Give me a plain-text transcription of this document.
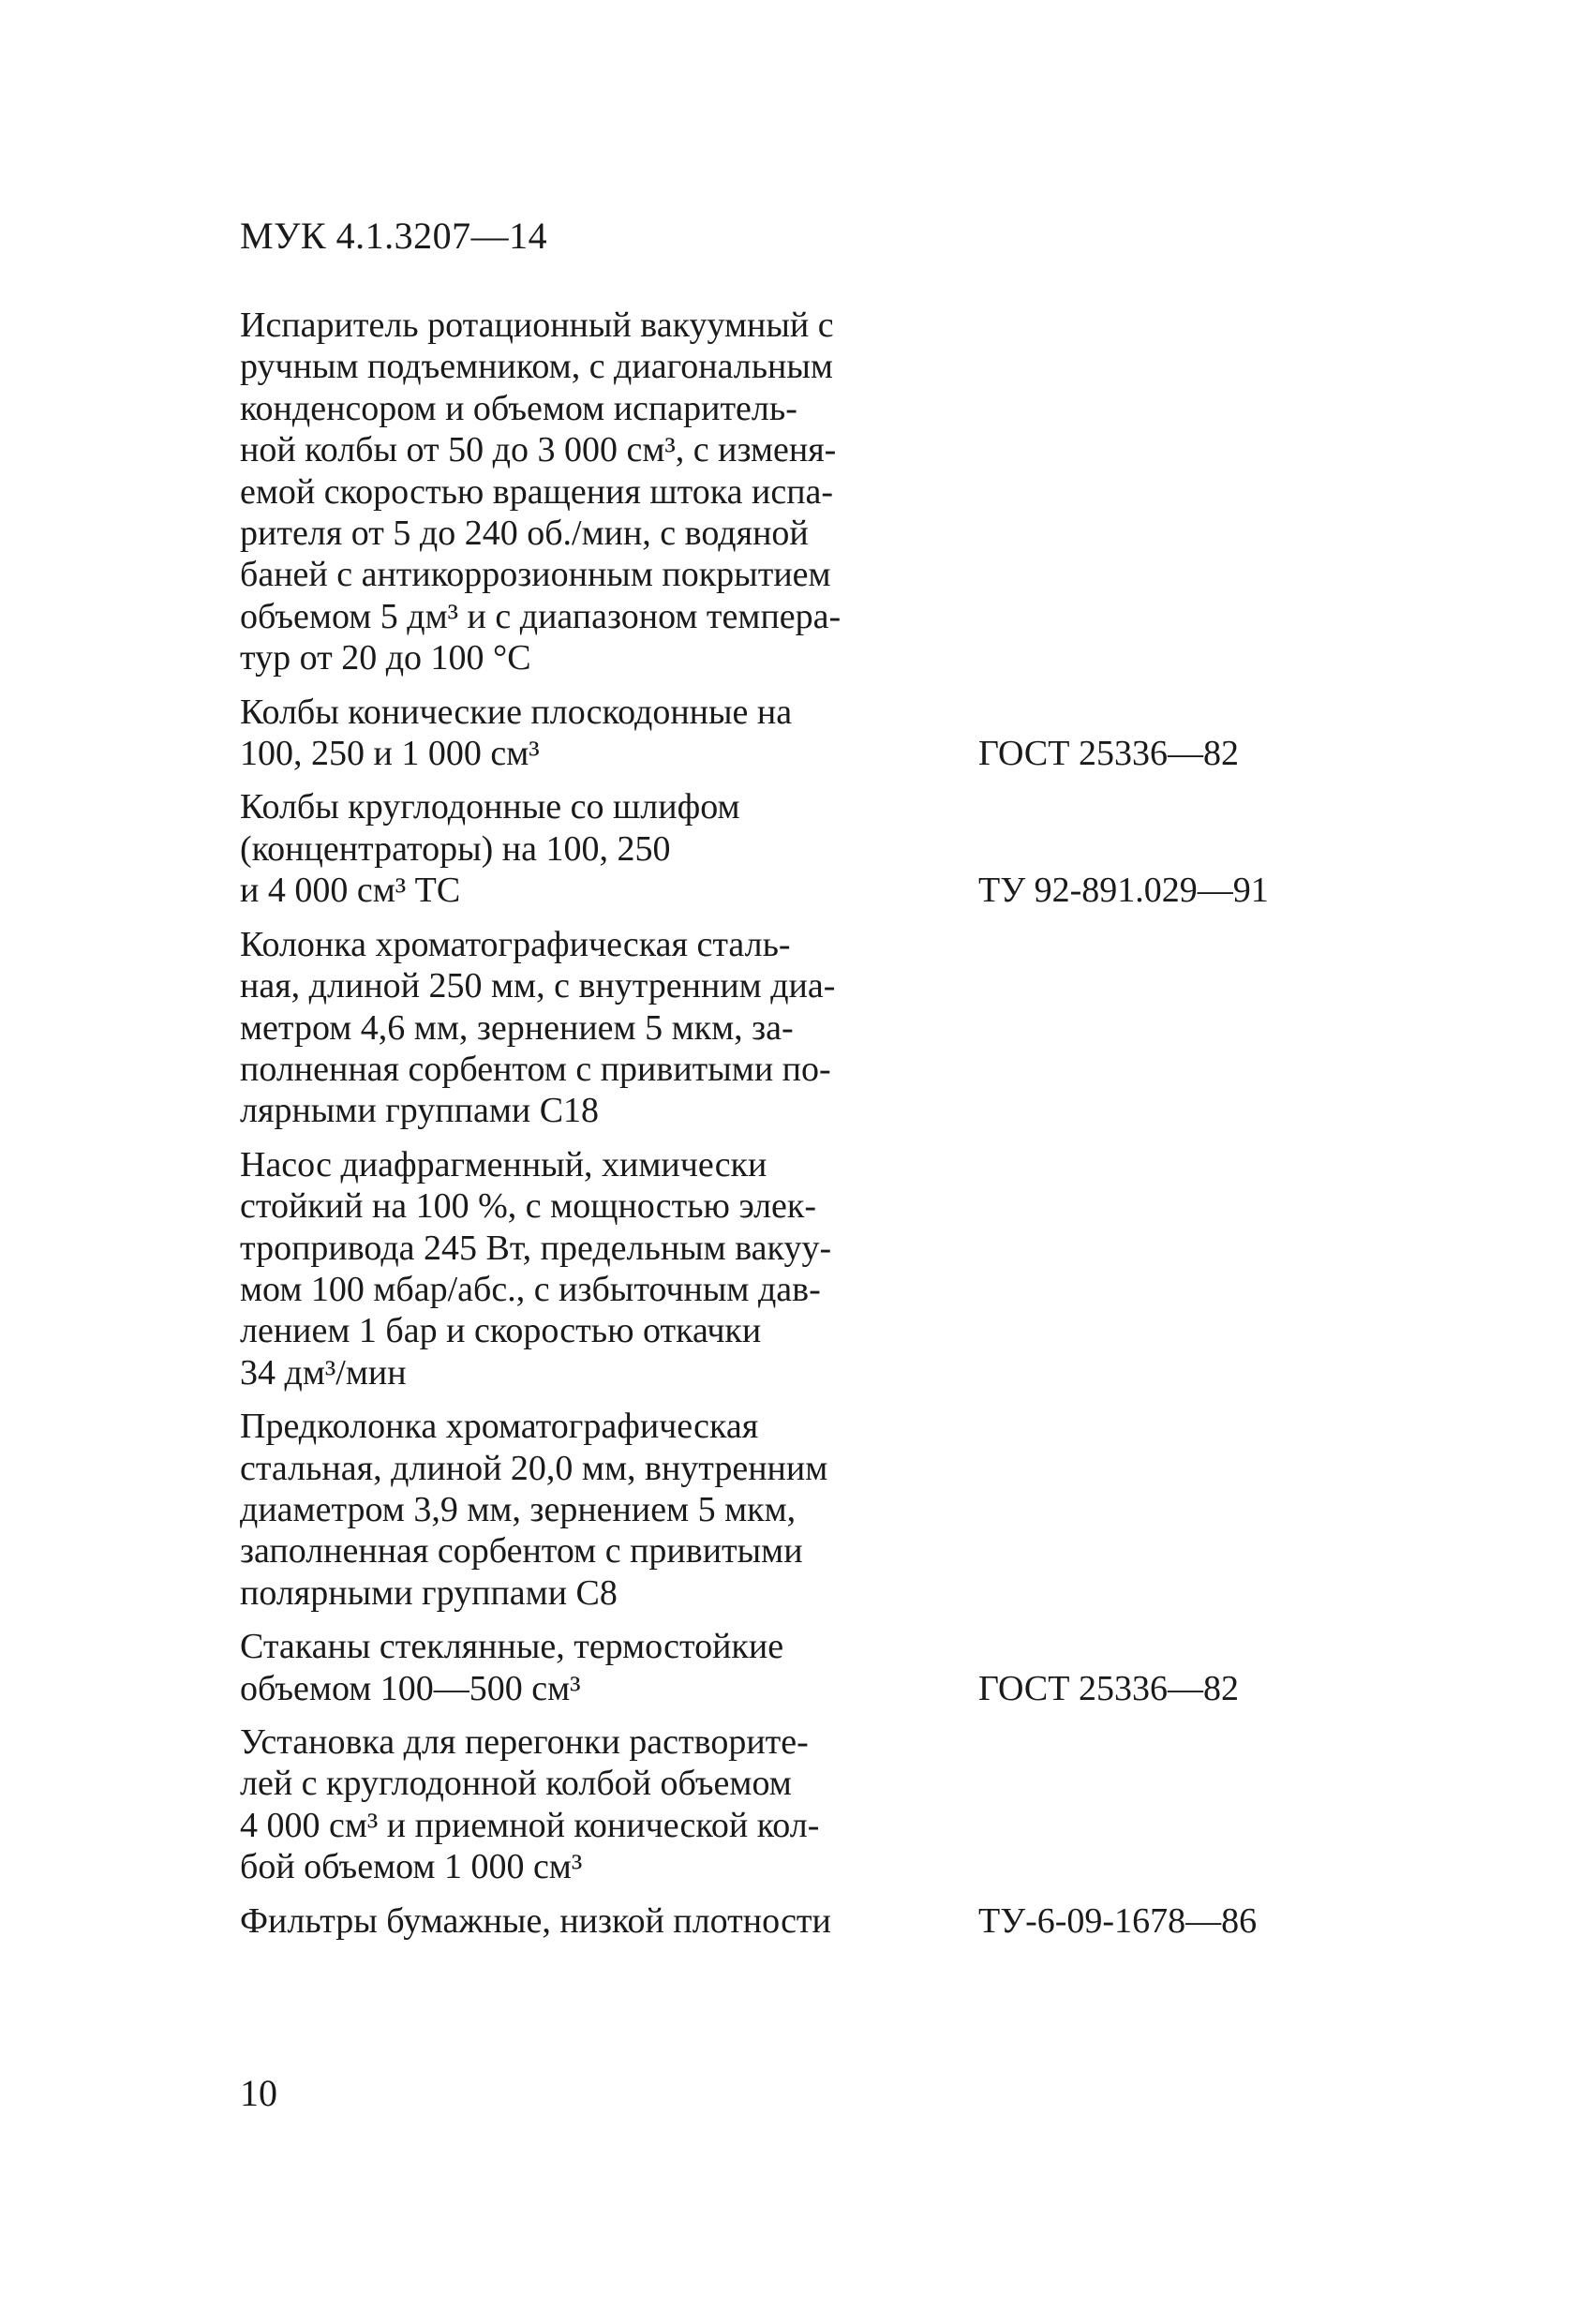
МУК 4.1.3207—14
Испаритель ротационный вакуумный с
ручным подъемником, с диагональным
конденсором и объемом испаритель-
ной колбы от 50 до 3 000 см³, с изменя-
емой скоростью вращения штока испа-
рителя от 5 до 240 об./мин, с водяной
баней с антикоррозионным покрытием
объемом 5 дм³ и с диапазоном темпера-
тур от 20 до 100 °С
Колбы конические плоскодонные на
100, 250 и 1 000 см³	ГОСТ 25336—82
Колбы круглодонные со шлифом
(концентраторы) на 100, 250
и 4 000 см³ ТС	ТУ 92-891.029—91
Колонка хроматографическая сталь-
ная, длиной 250 мм, с внутренним диа-
метром 4,6 мм, зернением 5 мкм, за-
полненная сорбентом с привитыми по-
лярными группами С18
Насос диафрагменный, химически
стойкий на 100 %, с мощностью элек-
тропривода 245 Вт, предельным вакуу-
мом 100 мбар/абс., с избыточным дав-
лением 1 бар и скоростью откачки
34 дм³/мин
Предколонка хроматографическая
стальная, длиной 20,0 мм, внутренним
диаметром 3,9 мм, зернением 5 мкм,
заполненная сорбентом с привитыми
полярными группами С8
Стаканы стеклянные, термостойкие
объемом 100—500 см³	ГОСТ 25336—82
Установка для перегонки растворите-
лей с круглодонной колбой объемом
4 000 см³ и приемной конической кол-
бой объемом 1 000 см³
Фильтры бумажные, низкой плотности	ТУ-6-09-1678—86
10
